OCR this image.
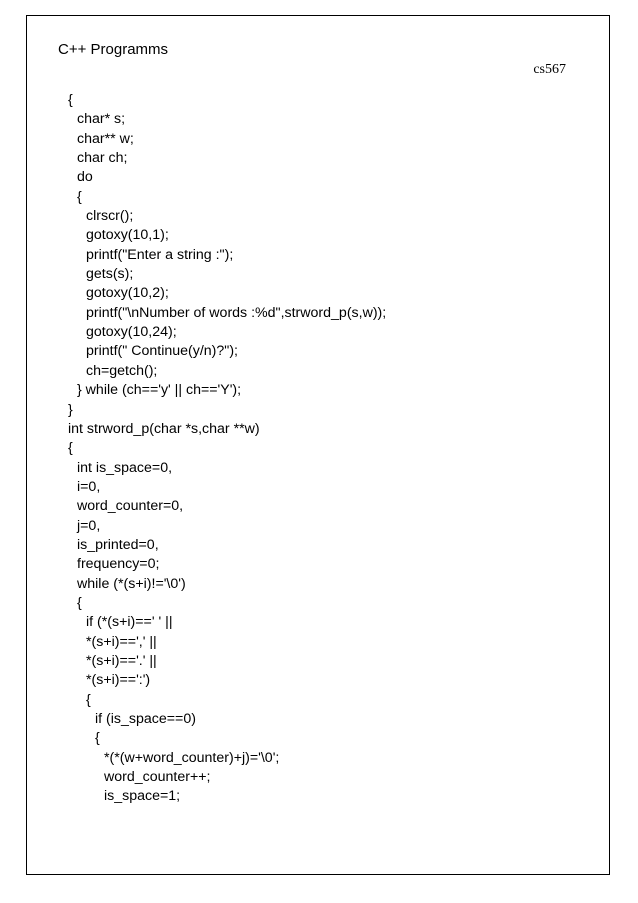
C++ Programms
cs567
{
char* s;
char** w;
char ch;
do
{
clrscr();
gotoxy(10,1);
printf("Enter a string :");
gets(s);
gotoxy(10,2);
printf("\nNumber of words :%d",strword_p(s,w));
gotoxy(10,24);
printf(" Continue(y/n)?");
ch=getch();
} while (ch=='y' || ch=='Y');
}
int strword_p(char *s,char **w)
{
int is_space=0,
i=0,
word_counter=0,
j=0,
is_printed=0,
frequency=0;
while (*(s+i)!='\0')
{
if (*(s+i)==' ' ||
*(s+i)==',' ||
*(s+i)=='.' ||
*(s+i)==':')
{
if (is_space==0)
{
*(*(w+word_counter)+j)='\0';
word_counter++;
is_space=1;
